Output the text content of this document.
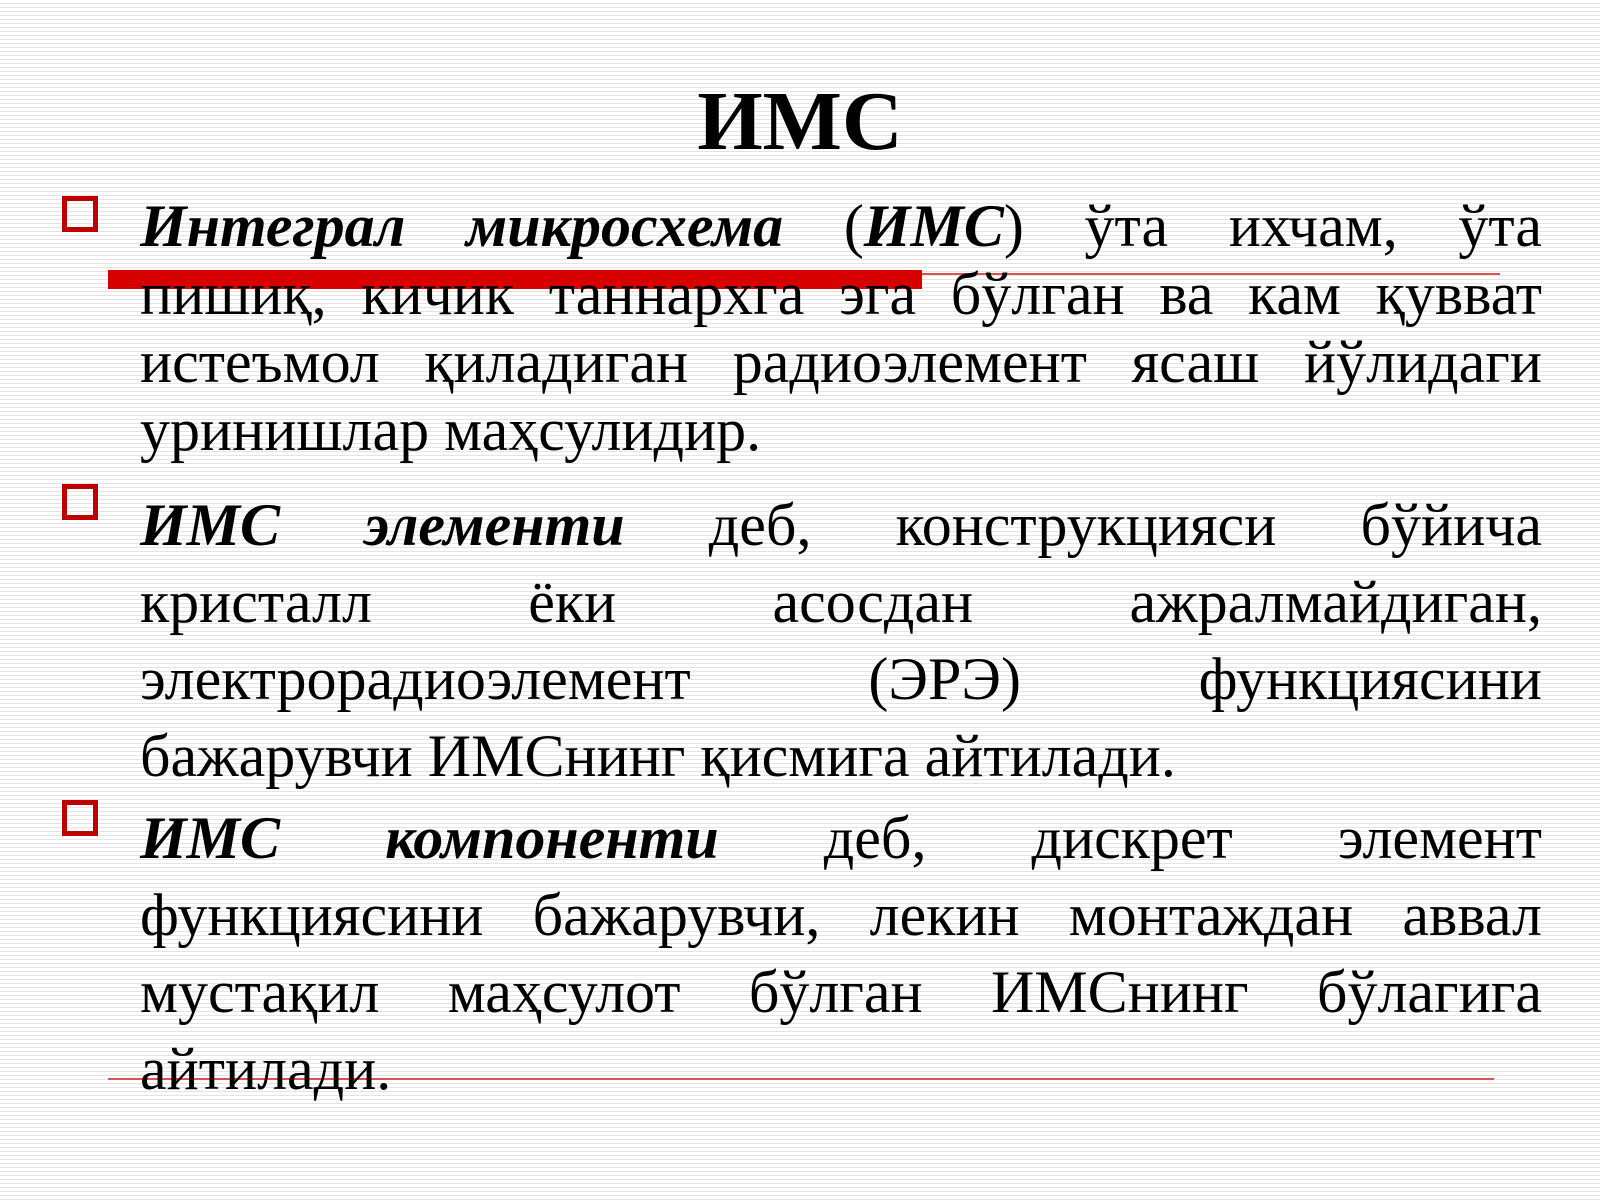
ИМС
Интеграл микросхема (ИМС) ўта ихчам, ўта
пишиқ, кичик таннархга эга бўлган ва кам қувват
истеъмол қиладиган радиоэлемент ясаш йўлидаги
уринишлар маҳсулидир.
ИМС элементи деб, конструкцияси бўйича
кристалл ёки асосдан ажралмайдиган,
электрорадиоэлемент (ЭРЭ) функциясини
бажарувчи ИМСнинг қисмига айтилади.
ИМС компоненти деб, дискрет элемент
функциясини бажарувчи, лекин монтаждан аввал
мустақил маҳсулот бўлган ИМСнинг бўлагига
айтилади.
